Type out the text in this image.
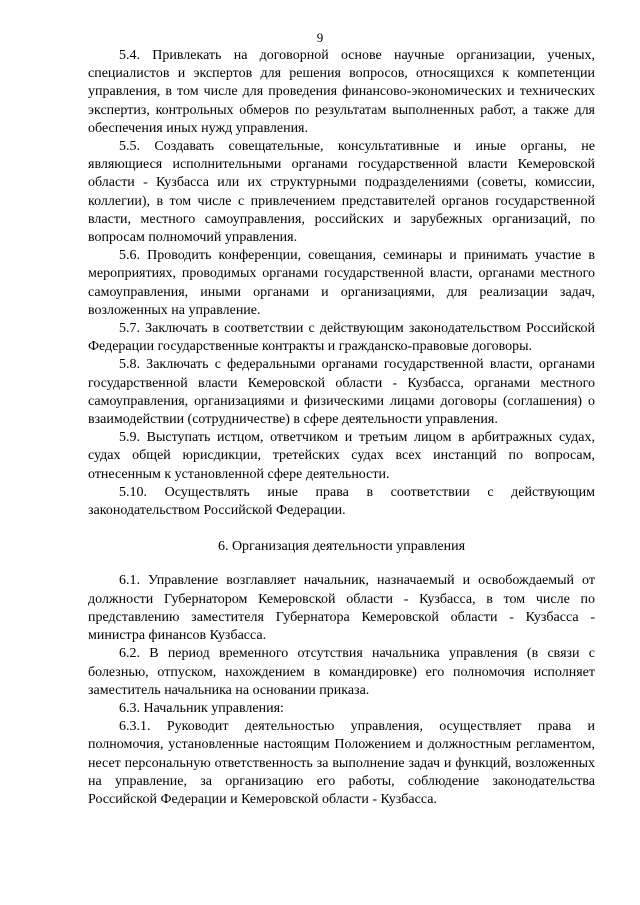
9

5.4. Привлекать на договорной основе научные организации, ученых, специалистов и экспертов для решения вопросов, относящихся к компетенции управления, в том числе для проведения финансово-экономических и технических экспертиз, контрольных обмеров по результатам выполненных работ, а также для обеспечения иных нужд управления.

5.5. Создавать совещательные, консультативные и иные органы, не являющиеся исполнительными органами государственной власти Кемеровской области - Кузбасса или их структурными подразделениями (советы, комиссии, коллегии), в том числе с привлечением представителей органов государственной власти, местного самоуправления, российских и зарубежных организаций, по вопросам полномочий управления.

5.6. Проводить конференции, совещания, семинары и принимать участие в мероприятиях, проводимых органами государственной власти, органами местного самоуправления, иными органами и организациями, для реализации задач, возложенных на управление.

5.7. Заключать в соответствии с действующим законодательством Российской Федерации государственные контракты и гражданско-правовые договоры.

5.8. Заключать с федеральными органами государственной власти, органами государственной власти Кемеровской области - Кузбасса, органами местного самоуправления, организациями и физическими лицами договоры (соглашения) о взаимодействии (сотрудничестве) в сфере деятельности управления.

5.9. Выступать истцом, ответчиком и третьим лицом в арбитражных судах, судах общей юрисдикции, третейских судах всех инстанций по вопросам, отнесенным к установленной сфере деятельности.

5.10. Осуществлять иные права в соответствии с действующим законодательством Российской Федерации.

6. Организация деятельности управления

6.1. Управление возглавляет начальник, назначаемый и освобождаемый от должности Губернатором Кемеровской области - Кузбасса, в том числе по представлению заместителя Губернатора Кемеровской области - Кузбасса - министра финансов Кузбасса.

6.2. В период временного отсутствия начальника управления (в связи с болезнью, отпуском, нахождением в командировке) его полномочия исполняет заместитель начальника на основании приказа.

6.3. Начальник управления:

6.3.1. Руководит деятельностью управления, осуществляет права и полномочия, установленные настоящим Положением и должностным регламентом, несет персональную ответственность за выполнение задач и функций, возложенных на управление, за организацию его работы, соблюдение законодательства Российской Федерации и Кемеровской области - Кузбасса.
